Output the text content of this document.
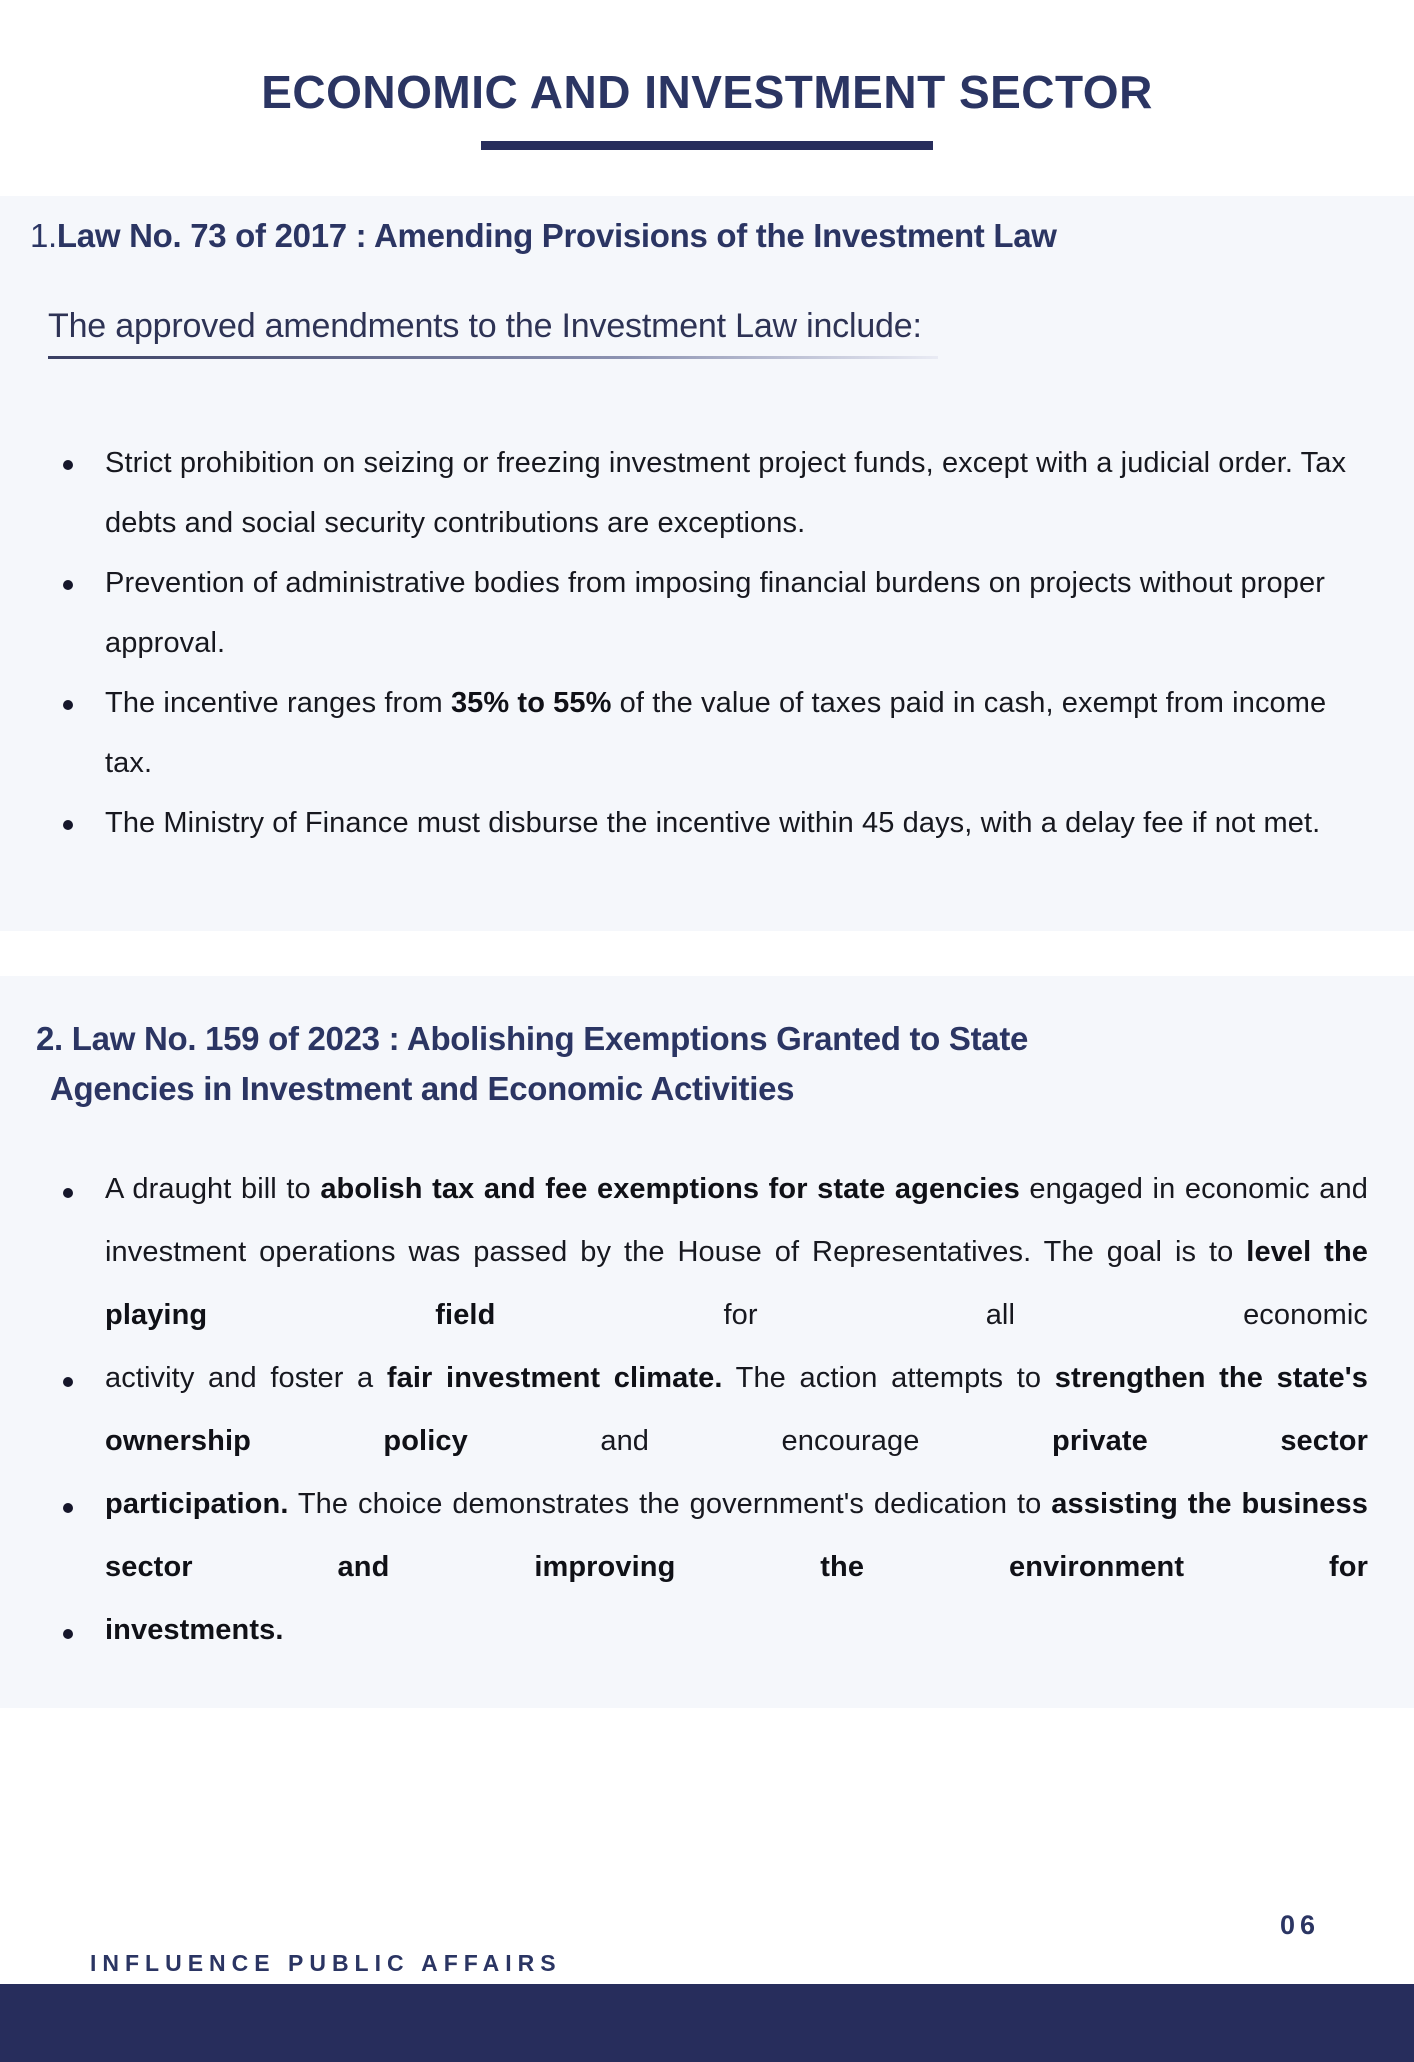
ECONOMIC AND INVESTMENT SECTOR
1.Law No. 73 of 2017 : Amending Provisions of the Investment Law
The approved amendments to the Investment Law include:
Strict prohibition on seizing or freezing investment project funds, except with a judicial order. Tax debts and social security contributions are exceptions.
Prevention of administrative bodies from imposing financial burdens on projects without proper approval.
The incentive ranges from 35% to 55% of the value of taxes paid in cash, exempt from income tax.
The Ministry of Finance must disburse the incentive within 45 days, with a delay fee if not met.
2. Law No. 159 of 2023 : Abolishing Exemptions Granted to State
Agencies in Investment and Economic Activities
A draught bill to abolish tax and fee exemptions for state agencies engaged in economic and investment operations was passed by the House of Representatives. The goal is to level the playing field for all economic
activity and foster a fair investment climate. The action attempts to strengthen the state's ownership policy and encourage private sector
participation. The choice demonstrates the government's dedication to assisting the business sector and improving the environment for
investments.
06
INFLUENCE PUBLIC AFFAIRS
